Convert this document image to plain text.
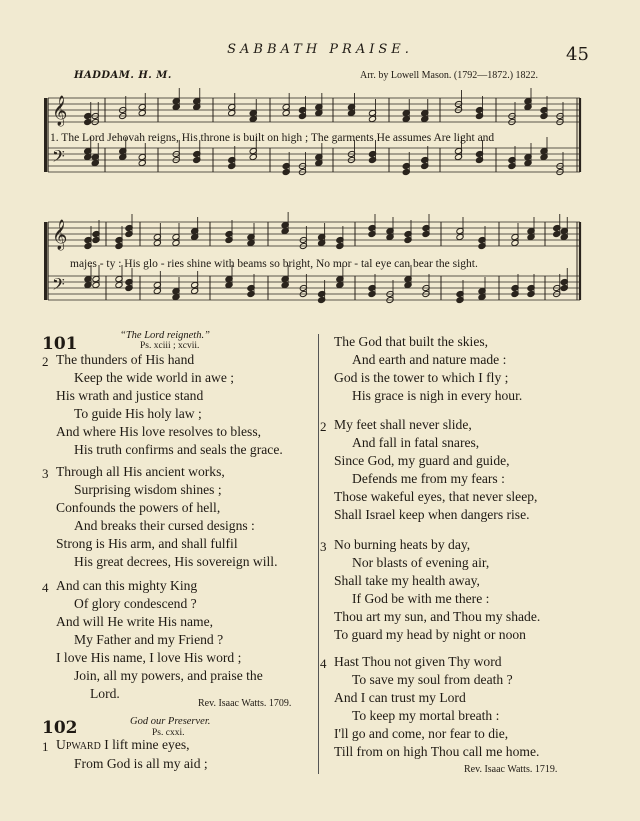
SABBATH PRAISE.	45
HADDAM. H. M.	Arr. by Lowell Mason. (1792—1872.) 1822.
𝄞
𝄢
1. The Lord Jehovah reigns, His throne is built on high ; The garments He assumes Are light and
𝄞
𝄢
majes - ty : His glo - ries shine with beams so bright, No mor - tal eye can bear the sight.
101	“The Lord reigneth.”
Ps. xciii ; xcvii.
2 The thunders of His hand
Keep the wide world in awe ;
His wrath and justice stand
To guide His holy law ;
And where His love resolves to bless,
His truth confirms and seals the grace.
3 Through all His ancient works,
Surprising wisdom shines ;
Confounds the powers of hell,
And breaks their cursed designs :
Strong is His arm, and shall fulfil
His great decrees, His sovereign will.
4 And can this mighty King
Of glory condescend ?
And will He write His name,
My Father and my Friend ?
I love His name, I love His word ;
Join, all my powers, and praise the
Lord.
Rev. Isaac Watts. 1709.
102	God our Preserver.
Ps. cxxi.
1 Upward I lift mine eyes,
From God is all my aid ;
The God that built the skies,
And earth and nature made :
God is the tower to which I fly ;
His grace is nigh in every hour.
2 My feet shall never slide,
And fall in fatal snares,
Since God, my guard and guide,
Defends me from my fears :
Those wakeful eyes, that never sleep,
Shall Israel keep when dangers rise.
3 No burning heats by day,
Nor blasts of evening air,
Shall take my health away,
If God be with me there :
Thou art my sun, and Thou my shade.
To guard my head by night or noon
4 Hast Thou not given Thy word
To save my soul from death ?
And I can trust my Lord
To keep my mortal breath :
I'll go and come, nor fear to die,
Till from on high Thou call me home.
Rev. Isaac Watts. 1719.
